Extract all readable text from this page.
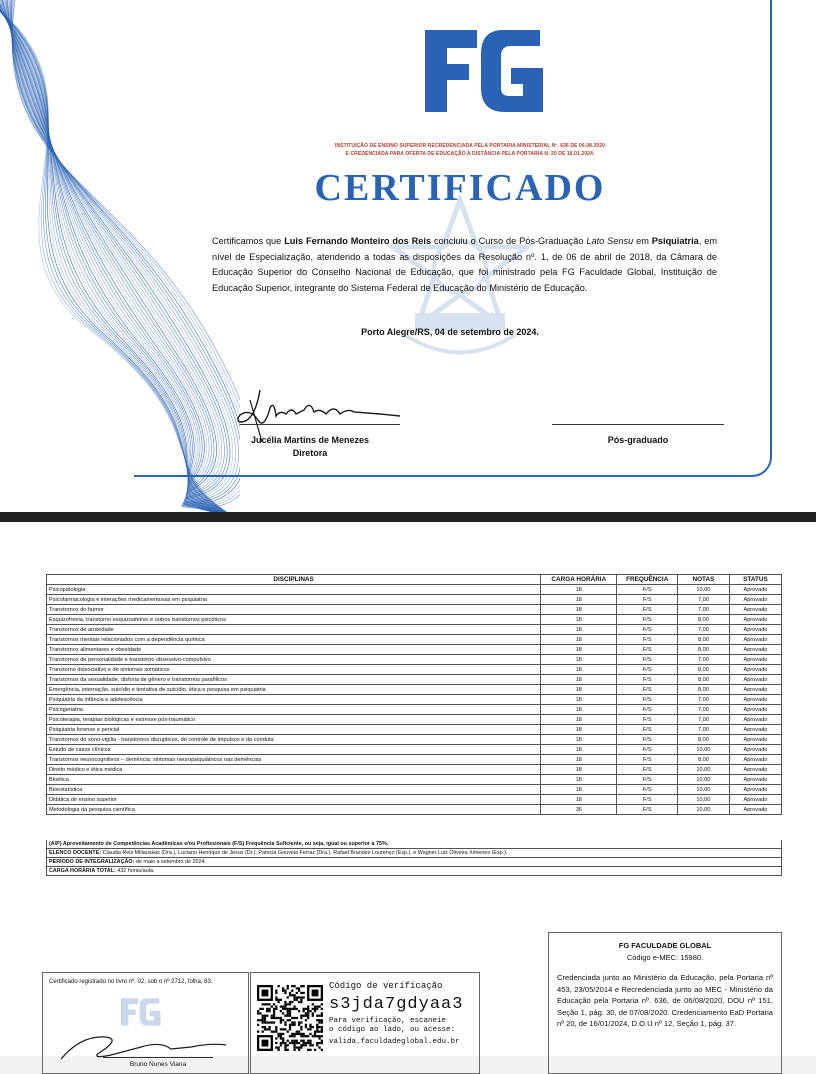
INSTITUIÇÃO DE ENSINO SUPERIOR RECREDENCIADA PELA PORTARIA MINISTERIAL Nº. 636 DE 06.08.2020
E CREDENCIADA PARA OFERTA DE EDUCAÇÃO A DISTÂNCIA PELA PORTARIA N. 20 DE 16.01.2024.
CERTIFICADO
Certificamos que Luis Fernando Monteiro dos Reis concluiu o Curso de Pós-Graduação Lato Sensu em Psiquiatria, em nível de Especialização, atendendo a todas as disposições da Resolução nº. 1, de 06 de abril de 2018, da Câmara de Educação Superior do Conselho Nacional de Educação, que foi ministrado pela FG Faculdade Global, Instituição de Educação Superior, integrante do Sistema Federal de Educação do Ministério de Educação.
Porto Alegre/RS, 04 de setembro de 2024.
Jucélia Martins de Menezes
Diretora
Pós-graduado
DISCIPLINAS	CARGA HORÁRIA	FREQUÊNCIA	NOTAS	STATUS
Psicopatologia	18	F/S	10,00	Aprovado
Psicofarmacologia e interações medicamentosas em psiquiatria	18	F/S	7,00	Aprovado
Transtornos do humor	18	F/S	7,00	Aprovado
Esquizofrenia, transtorno esquizoafetivo e outros transtornos psicóticos	18	F/S	8,00	Aprovado
Transtornos de ansiedade	18	F/S	7,00	Aprovado
Transtornos mentais relacionados com a dependência química	18	F/S	8,00	Aprovado
Transtornos alimentares e obesidade	18	F/S	8,00	Aprovado
Transtornos de personalidade e transtorno obsessivo-compulsivo	18	F/S	7,00	Aprovado
Transtorno dissociativo e de sintomas somáticos	18	F/S	8,00	Aprovado
Transtornos da sexualidade, disforia de gênero e transtornos parafílicos	18	F/S	8,00	Aprovado
Emergência, internação, suicídio e tentativa de suicídio, ética e pesquisa em psiquiatria	18	F/S	8,00	Aprovado
Psiquiatria da infância e adolescência	18	F/S	7,00	Aprovado
Psicogeriatria	18	F/S	7,00	Aprovado
Psicoterapia, terapias biológicas e estresse pós-traumático	18	F/S	7,00	Aprovado
Psiquiatria forense e pericial	18	F/S	7,00	Aprovado
Transtornos do sono-vigília - transtornos disruptivos, do controle de impulsos e da conduta	18	F/S	8,00	Aprovado
Estudo de casos clínicos	18	F/S	10,00	Aprovado
Transtornos neurocognitivos – demência: sintomas neuropsiquiátricos nas demências	18	F/S	8,00	Aprovado
Direito médico e ética médica	18	F/S	10,00	Aprovado
Bioética	18	F/S	10,00	Aprovado
Bioestatística	18	F/S	10,00	Aprovado
Didática de ensino superior	18	F/S	10,00	Aprovado
Metodologia da pesquisa científica	36	F/S	10,00	Aprovado
(A/P) Aproveitamento de Competências Acadêmicas e/ou Profissionais (F/S) Frequência Suficiente, ou seja, igual ou superior à 75%.
ELENCO DOCENTE: Claudia Reis Miliauskas (Dra.), Luciano Henrique de Jesus (Dr.), Patricia Gouveia Ferraz (Dra.), Rafael Brandes Lourenço (Esp.), e Wagner Luiz Oliveira Ximenes (Esp.).
PERÍODO DE INTEGRALIZAÇÃO: de maio a setembro de 2024.
CARGA HORÁRIA TOTAL: 432 horas/aula.
Certificado registrado no livro nº. 02, sob o nº 2712, folha, 83.
Bruno Nunes Viana
Código de verificação
s3jda7gdyaa3
Para verificação, escaneie
o código ao lado, ou acesse:
valida.faculdadeglobal.edu.br
FG FACULDADE GLOBAL
Código e-MEC: 15980.
Credenciada junto ao Ministério da Educação, pela Portaria nº 453, 23/05/2014 e Recredenciada junto ao MEC - Ministério da Educação pela Portaria nº. 636, de 06/08/2020, DOU nº 151, Seção 1, pág. 30, de 07/08/2020. Credenciamento EaD Portaria nº 20, de 16/01/2024, D.O.U nº 12, Seção 1, pág. 37.
